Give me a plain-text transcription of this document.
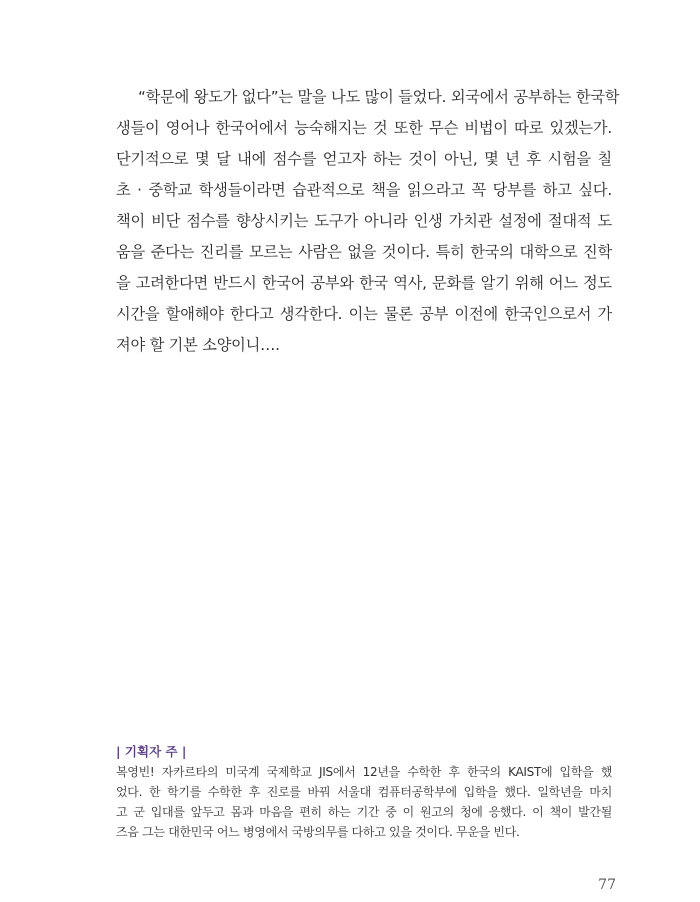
“학문에 왕도가 없다”는 말을 나도 많이 들었다. 외국에서 공부하는 한국학
생들이 영어나 한국어에서 능숙해지는 것 또한 무슨 비법이 따로 있겠는가.
단기적으로 몇 달 내에 점수를 얻고자 하는 것이 아닌, 몇 년 후 시험을 칠
초 · 중학교 학생들이라면 습관적으로 책을 읽으라고 꼭 당부를 하고 싶다.
책이 비단 점수를 향상시키는 도구가 아니라 인생 가치관 설정에 절대적 도
움을 준다는 진리를 모르는 사람은 없을 것이다. 특히 한국의 대학으로 진학
을 고려한다면 반드시 한국어 공부와 한국 역사, 문화를 알기 위해 어느 정도
시간을 할애해야 한다고 생각한다. 이는 물론 공부 이전에 한국인으로서 가
져야 할 기본 소양이니….
| 기획자 주 |
복영빈! 자카르타의 미국계 국제학교 JIS에서 12년을 수학한 후 한국의 KAIST에 입학을 했
었다. 한 학기를 수학한 후 진로를 바꿔 서울대 컴퓨터공학부에 입학을 했다. 일학년을 마치
고 군 입대를 앞두고 몸과 마음을 편히 하는 기간 중 이 원고의 청에 응했다. 이 책이 발간될
즈음 그는 대한민국 어느 병영에서 국방의무를 다하고 있을 것이다. 무운을 빈다.
77
